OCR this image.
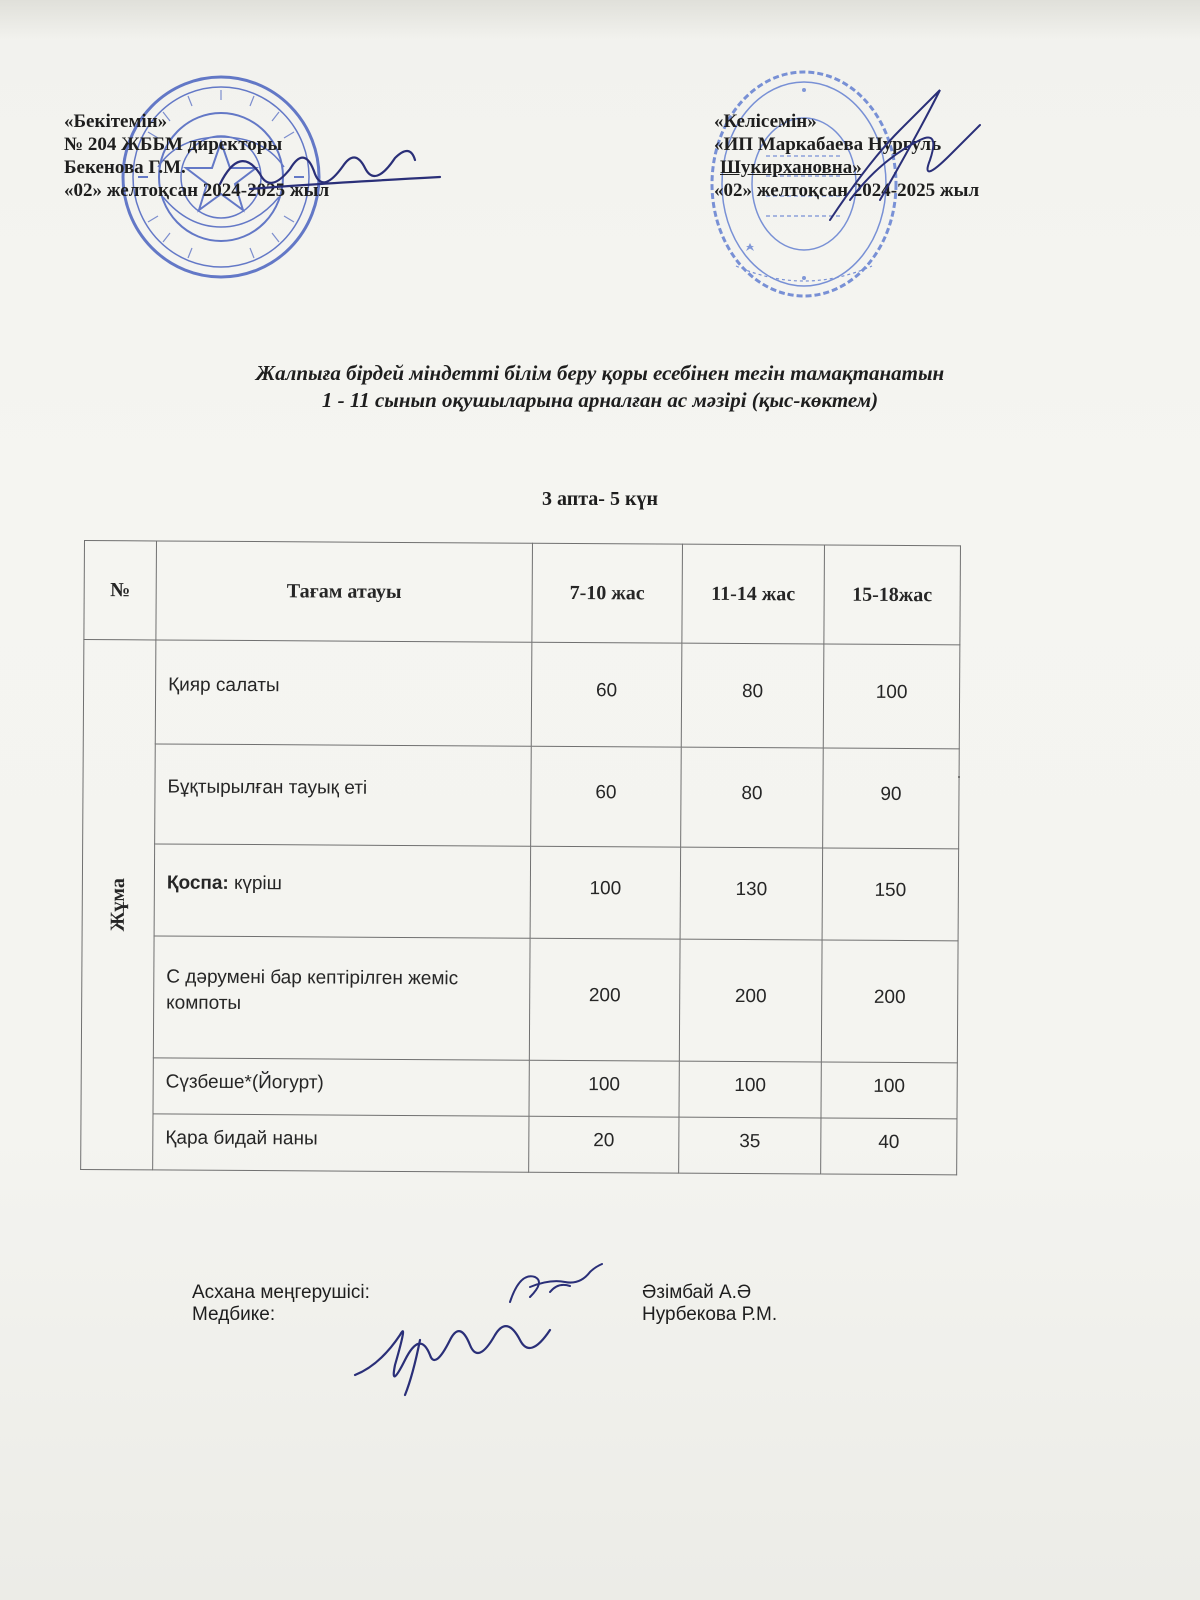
«Бекітемін»
№ 204 ЖББМ директоры
Бекенова Г.М.
«02» желтоқсан 2024-2025 жыл
«Келісемін»
«ИП Маркабаева Нургуль
Шукирхановна»
«02» желтоқсан 2024-2025 жыл
Жалпыға бірдей міндетті білім беру қоры есебінен тегін тамақтанатын
1 - 11 сынып оқушыларына арналған ас мәзірі (қыс-көктем)
3 апта- 5 күн
№	Тағам атауы	7-10 жас	11-14 жас	15-18жас
Жұма	Қияр салаты	60	80	100
	Бұқтырылған тауық еті	60	80	90
	Қоспа: күріш	100	130	150
	С дәрумені бар кептірілген жеміс компоты	200	200	200
	Сүзбеше*(Йогурт)	100	100	100
	Қара бидай наны	20	35	40
Асхана меңгерушісі:
Медбике:
Әзімбай А.Ә
Нурбекова Р.М.
